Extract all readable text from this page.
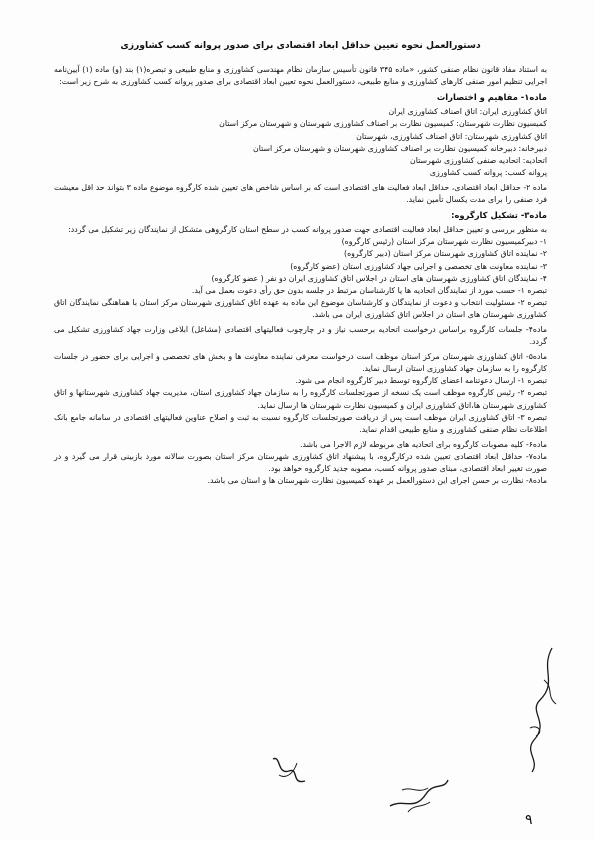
دستورالعمل نحوه تعیین حداقل ابعاد اقتصادی برای صدور پروانه کسب کشاورزی

به استناد مفاد قانون نظام صنفی کشور، «ماده ۳۴۵ قانون تأسیس سازمان نظام مهندسی کشاورزی و منابع طبیعی و تبصره(۱) بند (و) ماده (۱) آیین‌نامه اجرایی تنظیم امور صنفی کارهای کشاورزی و منابع طبیعی، دستورالعمل نحوه تعیین ابعاد اقتصادی برای صدور پروانه کسب کشاورزی به شرح زیر است:

ماده۱- مفاهیم و اختصارات

اتاق کشاورزی ایران: اتاق اصناف کشاورزی ایران

کمیسیون نظارت شهرستان: کمیسیون نظارت بر اصناف کشاورزی شهرستان و شهرستان مرکز استان

اتاق کشاورزی شهرستان: اتاق اصناف کشاورزی، شهرستان

دبیرخانه: دبیرخانه کمیسیون نظارت بر اصناف کشاورزی شهرستان و شهرستان مرکز استان

اتحادیه: اتحادیه صنفی کشاورزی شهرستان

پروانه کسب: پروانه کسب کشاورزی

ماده ۲- حداقل ابعاد اقتصادی، حداقل ابعاد فعالیت های اقتصادی است که بر اساس شاخص های تعیین شده کارگروه موضوع ماده ۳ بتواند حد اقل معیشت فرد صنفی را برای مدت یکسال تأمین نماید.

ماده۳- تشکیل کارگروه:

به منظور بررسی و تعیین حداقل ابعاد فعالیت اقتصادی جهت صدور پروانه کسب در سطح استان کارگروهی متشکل از نمایندگان زیر تشکیل می گردد:

۱- دبیرکمیسیون نظارت شهرستان مرکز استان (رئیس کارگروه)

۲- نماینده اتاق کشاورزی شهرستان مرکز استان (دبیر کارگروه)

۳- نماینده معاونت های تخصصی و اجرایی جهاد کشاورزی استان (عضو کارگروه)

۴- نمایندگان اتاق کشاورزی شهرستان های استان در اجلاس اتاق کشاورزی ایران دو نفر ( عضو کارگروه)

تبصره ۱- حسب مورد از نمایندگان اتحادیه ها یا کارشناسان مرتبط در جلسه بدون حق رأی دعوت بعمل می آید.

تبصره ۲- مسئولیت انتخاب و دعوت از نمایندگان و کارشناسان موضوع این ماده به عهده اتاق کشاورزی شهرستان مرکز استان با هماهنگی نمایندگان اتاق کشاورزی شهرستان های استان در اجلاس اتاق کشاورزی ایران می باشد.

ماده۴- جلسات کارگروه براساس درخواست اتحادیه برحسب نیاز و در چارچوب فعالیتهای اقتصادی (مشاغل) ابلاغی وزارت جهاد کشاورزی تشکیل می گردد.

ماده۵- اتاق کشاورزی شهرستان مرکز استان موظف است درخواست معرفی نماینده معاونت ها و بخش های تخصصی و اجرایی برای حضور در جلسات کارگروه را به سازمان جهاد کشاورزی استان ارسال نماید.

تبصره ۱- ارسال دعوتنامه اعضای کارگروه توسط دبیر کارگروه انجام می شود.

تبصره ۲- رئیس کارگروه موظف است یک نسخه از صورتجلسات کارگروه را به سازمان جهاد کشاورزی استان، مدیریت جهاد کشاورزی شهرستانها و اتاق کشاورزی شهرستان ها،اتاق کشاورزی ایران و کمیسیون نظارت شهرستان ها ارسال نماید.

تبصره ۳- اتاق کشاورزی ایران موظف است پس از دریافت صورتجلسات کارگروه نسبت به ثبت و اصلاح عناوین فعالیتهای اقتصادی در سامانه جامع بانک اطلاعات نظام صنفی کشاورزی و منابع طبیعی اقدام نماید.

ماده۶- کلیه مصوبات کارگروه برای اتحادیه های مربوطه لازم الاجرا می باشد.

ماده۷- حداقل ابعاد اقتصادی تعیین شده درکارگروه، با پیشنهاد اتاق کشاورزی شهرستان مرکز استان بصورت سالانه مورد بازبینی قرار می گیرد و در صورت تغییر ابعاد اقتصادی، مبنای صدور پروانه کسب، مصوبه جدید کارگروه خواهد بود.

ماده۸- نظارت بر حسن اجرای این دستورالعمل بر عهده کمیسیون نظارت شهرستان ها و استان می باشد.

۹
